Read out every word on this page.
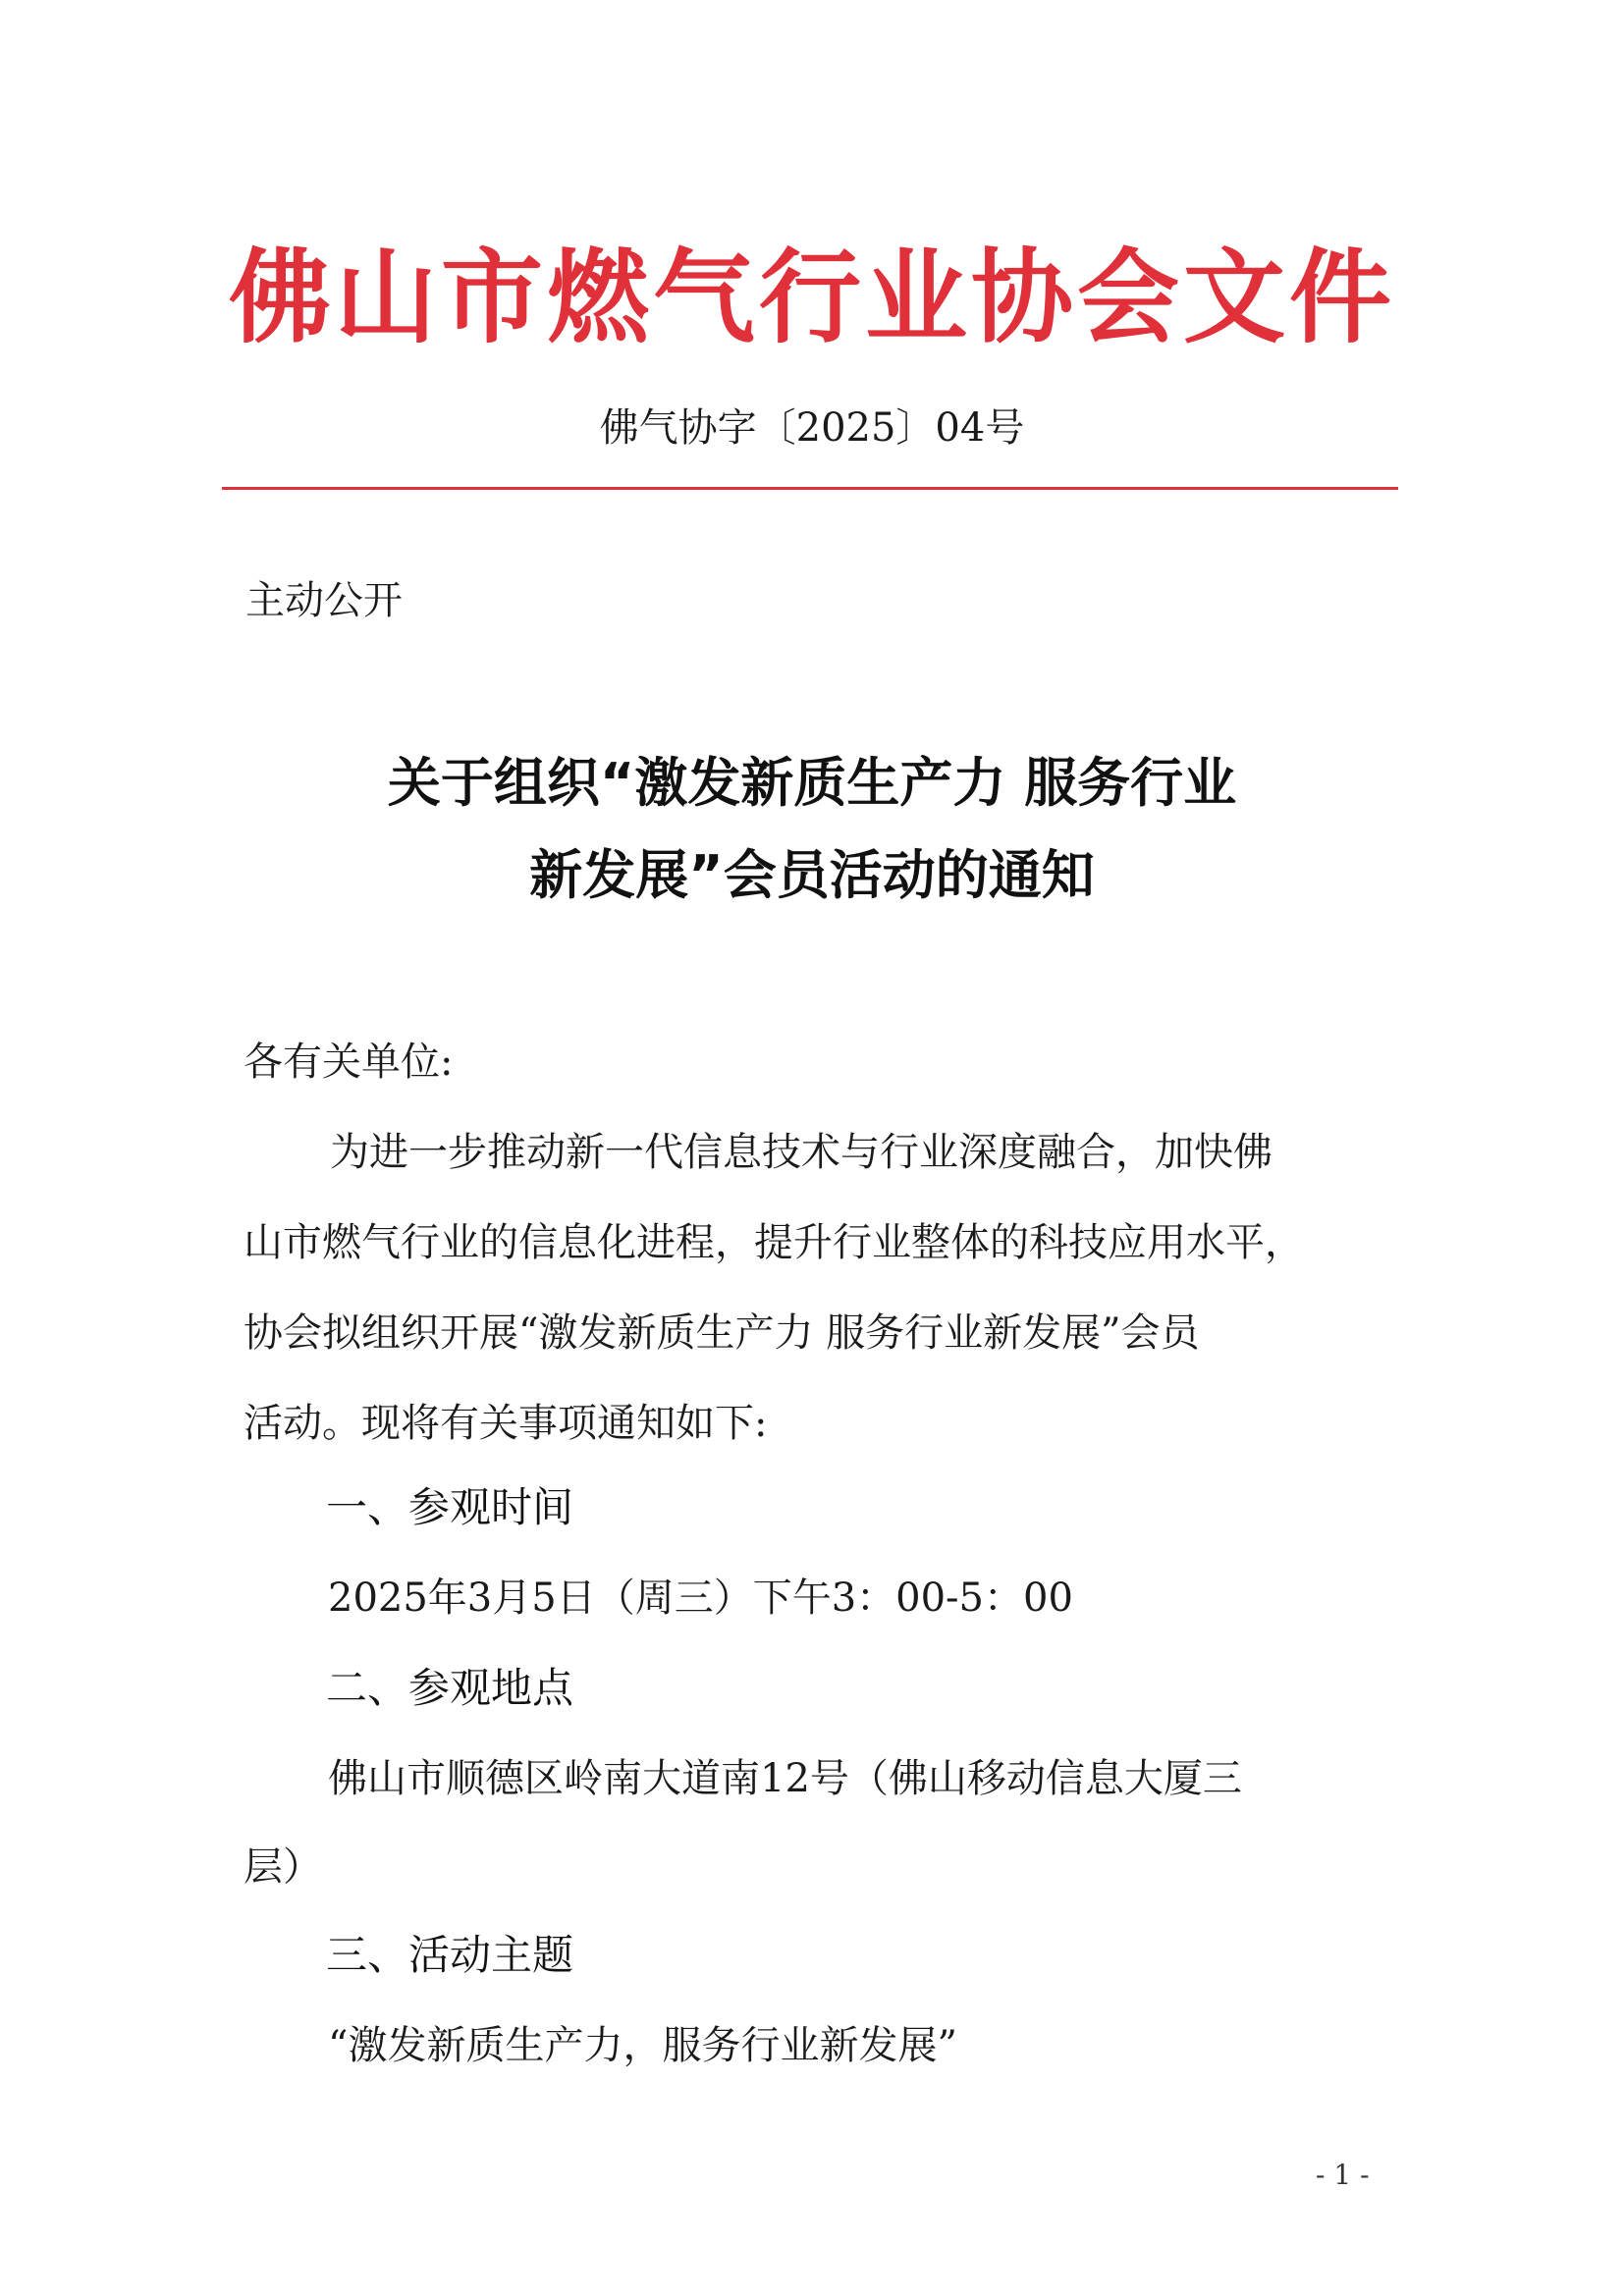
佛山市燃气行业协会文件
佛气协字〔2025〕04号
主动公开
关于组织“激发新质生产力 服务行业
新发展”会员活动的通知
各有关单位:
为进一步推动新一代信息技术与行业深度融合，加快佛
山市燃气行业的信息化进程，提升行业整体的科技应用水平，
协会拟组织开展“激发新质生产力 服务行业新发展”会员
活动。现将有关事项通知如下:
一、参观时间
2025年3月5日（周三）下午3：00-5：00
二、参观地点
佛山市顺德区岭南大道南12号（佛山移动信息大厦三
层）
三、活动主题
“激发新质生产力，服务行业新发展”
- 1 -
